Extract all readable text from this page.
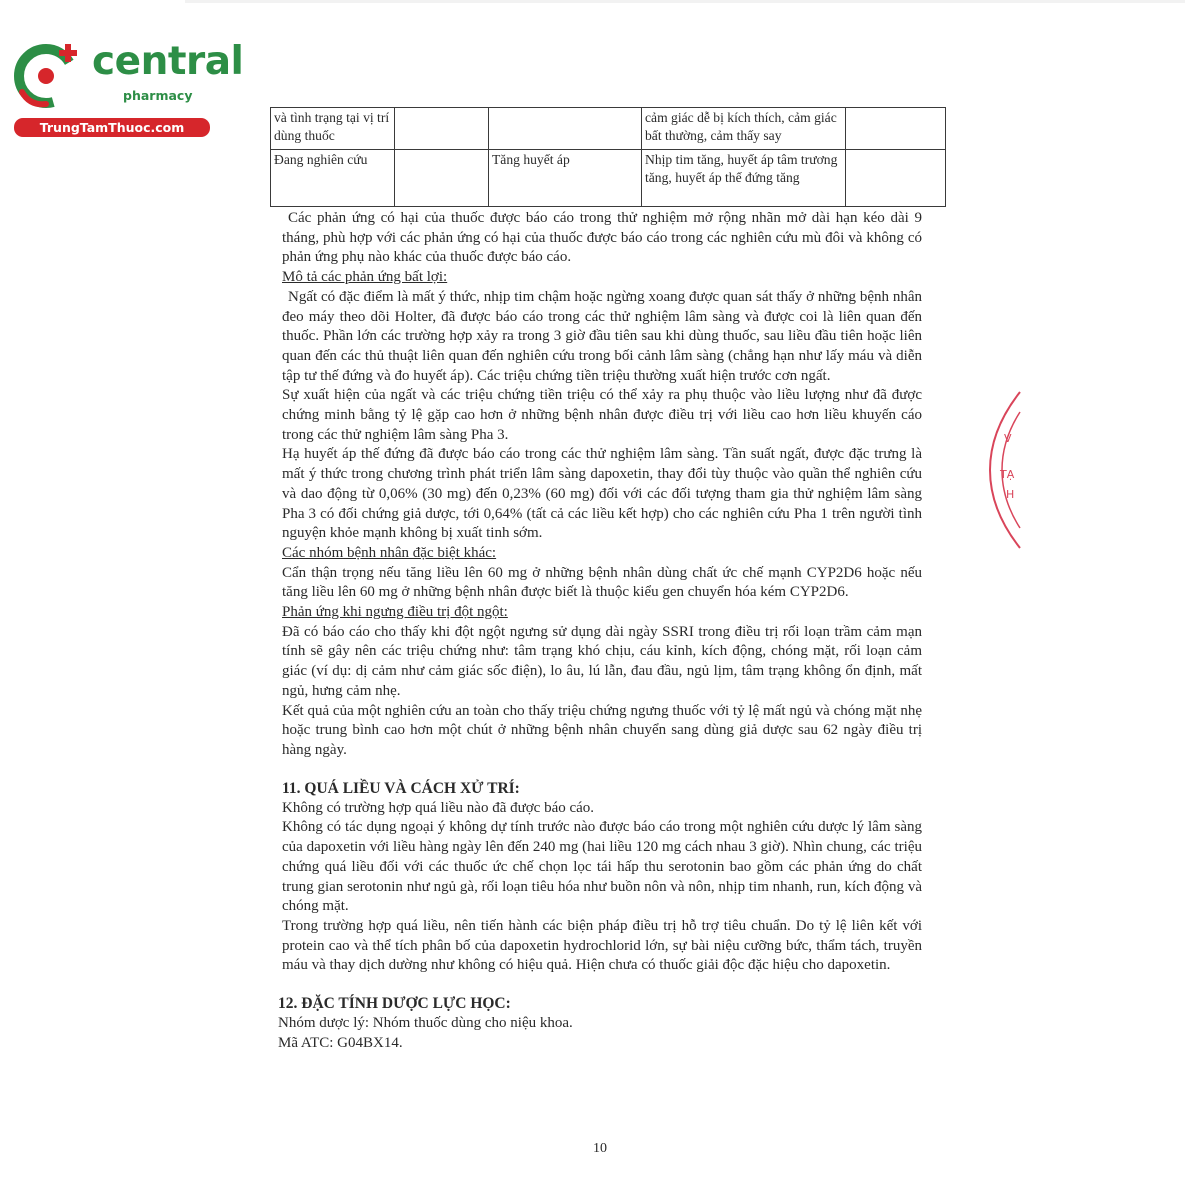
central
pharmacy
TrungTamThuoc.com
và tình trạng tại vị trí dùng thuốc			cảm giác dễ bị kích thích, cảm giác bất thường, cảm thấy say	
Đang nghiên cứu		Tăng huyết áp	Nhịp tim tăng, huyết áp tâm trương tăng, huyết áp thế đứng tăng	

Các phản ứng có hại của thuốc được báo cáo trong thử nghiệm mở rộng nhãn mở dài hạn kéo dài 9 tháng, phù hợp với các phản ứng có hại của thuốc được báo cáo trong các nghiên cứu mù đôi và không có phản ứng phụ nào khác của thuốc được báo cáo.

Mô tả các phản ứng bất lợi:

Ngất có đặc điểm là mất ý thức, nhịp tim chậm hoặc ngừng xoang được quan sát thấy ở những bệnh nhân đeo máy theo dõi Holter, đã được báo cáo trong các thử nghiệm lâm sàng và được coi là liên quan đến thuốc. Phần lớn các trường hợp xảy ra trong 3 giờ đầu tiên sau khi dùng thuốc, sau liều đầu tiên hoặc liên quan đến các thủ thuật liên quan đến nghiên cứu trong bối cảnh lâm sàng (chẳng hạn như lấy máu và diễn tập tư thế đứng và đo huyết áp). Các triệu chứng tiền triệu thường xuất hiện trước cơn ngất.

Sự xuất hiện của ngất và các triệu chứng tiền triệu có thể xảy ra phụ thuộc vào liều lượng như đã được chứng minh bằng tỷ lệ gặp cao hơn ở những bệnh nhân được điều trị với liều cao hơn liều khuyến cáo trong các thử nghiệm lâm sàng Pha 3.

Hạ huyết áp thế đứng đã được báo cáo trong các thử nghiệm lâm sàng. Tần suất ngất, được đặc trưng là mất ý thức trong chương trình phát triển lâm sàng dapoxetin, thay đổi tùy thuộc vào quần thể nghiên cứu và dao động từ 0,06% (30 mg) đến 0,23% (60 mg) đối với các đối tượng tham gia thử nghiệm lâm sàng Pha 3 có đối chứng giả dược, tới 0,64% (tất cả các liều kết hợp) cho các nghiên cứu Pha 1 trên người tình nguyện khỏe mạnh không bị xuất tinh sớm.

Các nhóm bệnh nhân đặc biệt khác:

Cẩn thận trọng nếu tăng liều lên 60 mg ở những bệnh nhân dùng chất ức chế mạnh CYP2D6 hoặc nếu tăng liều lên 60 mg ở những bệnh nhân được biết là thuộc kiểu gen chuyển hóa kém CYP2D6.

Phản ứng khi ngưng điều trị đột ngột:

Đã có báo cáo cho thấy khi đột ngột ngưng sử dụng dài ngày SSRI trong điều trị rối loạn trầm cảm mạn tính sẽ gây nên các triệu chứng như: tâm trạng khó chịu, cáu kỉnh, kích động, chóng mặt, rối loạn cảm giác (ví dụ: dị cảm như cảm giác sốc điện), lo âu, lú lẫn, đau đầu, ngủ lịm, tâm trạng không ổn định, mất ngủ, hưng cảm nhẹ.

Kết quả của một nghiên cứu an toàn cho thấy triệu chứng ngưng thuốc với tỷ lệ mất ngủ và chóng mặt nhẹ hoặc trung bình cao hơn một chút ở những bệnh nhân chuyển sang dùng giả dược sau 62 ngày điều trị hàng ngày.

11. QUÁ LIỀU VÀ CÁCH XỬ TRÍ:

Không có trường hợp quá liều nào đã được báo cáo.

Không có tác dụng ngoại ý không dự tính trước nào được báo cáo trong một nghiên cứu dược lý lâm sàng của dapoxetin với liều hàng ngày lên đến 240 mg (hai liều 120 mg cách nhau 3 giờ). Nhìn chung, các triệu chứng quá liều đối với các thuốc ức chế chọn lọc tái hấp thu serotonin bao gồm các phản ứng do chất trung gian serotonin như ngủ gà, rối loạn tiêu hóa như buồn nôn và nôn, nhịp tim nhanh, run, kích động và chóng mặt.

Trong trường hợp quá liều, nên tiến hành các biện pháp điều trị hỗ trợ tiêu chuẩn. Do tỷ lệ liên kết với protein cao và thể tích phân bố của dapoxetin hydrochlorid lớn, sự bài niệu cưỡng bức, thẩm tách, truyền máu và thay dịch dường như không có hiệu quả. Hiện chưa có thuốc giải độc đặc hiệu cho dapoxetin.

12. ĐẶC TÍNH DƯỢC LỰC HỌC:

Nhóm dược lý: Nhóm thuốc dùng cho niệu khoa.

Mã ATC: G04BX14.

V
TẠ
H
10
